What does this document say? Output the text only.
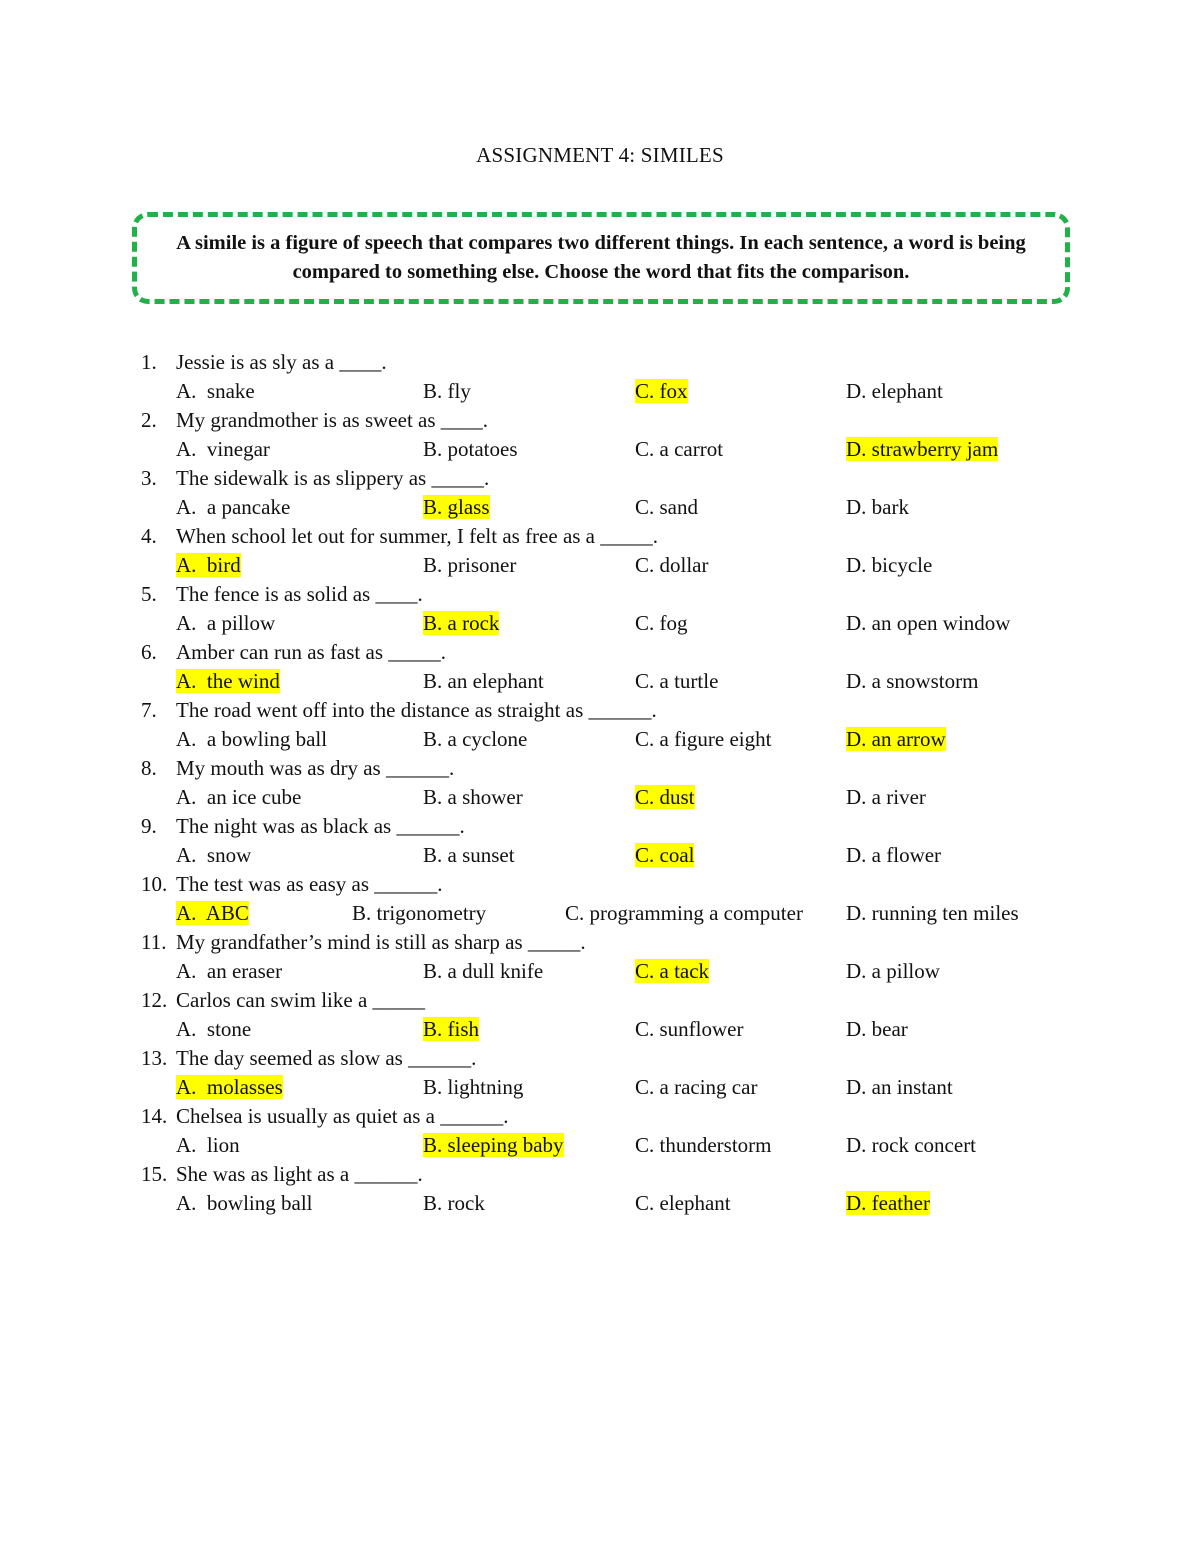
ASSIGNMENT 4: SIMILES
A simile is a figure of speech that compares two different things. In each sentence, a word is being compared to something else. Choose the word that fits the comparison.
1. Jessie is as sly as a ____.
A.  snake	B. fly	C. fox	D. elephant
2. My grandmother is as sweet as ____.
A.  vinegar	B. potatoes	C. a carrot	D. strawberry jam
3. The sidewalk is as slippery as _____.
A.  a pancake	B. glass	C. sand	D. bark
4. When school let out for summer, I felt as free as a _____.
A.  bird	B. prisoner	C. dollar	D. bicycle
5. The fence is as solid as ____.
A.  a pillow	B. a rock	C. fog	D. an open window
6. Amber can run as fast as _____.
A.  the wind	B. an elephant	C. a turtle	D. a snowstorm
7. The road went off into the distance as straight as ______.
A.  a bowling ball	B. a cyclone	C. a figure eight	D. an arrow
8. My mouth was as dry as ______.
A.  an ice cube	B. a shower	C. dust	D. a river
9. The night was as black as ______.
A.  snow	B. a sunset	C. coal	D. a flower
10. The test was as easy as ______.
A.  ABC	B. trigonometry	C. programming a computer D. running ten miles
11. My grandfather’s mind is still as sharp as _____.
A.  an eraser	B. a dull knife	C. a tack	D. a pillow
12. Carlos can swim like a _____
A.  stone	B. fish	C. sunflower	D. bear
13. The day seemed as slow as ______.
A.  molasses	B. lightning	C. a racing car	D. an instant
14. Chelsea is usually as quiet as a ______.
A.  lion	B. sleeping baby	C. thunderstorm	D. rock concert
15. She was as light as a ______.
A.  bowling ball	B. rock	C. elephant	D. feather
